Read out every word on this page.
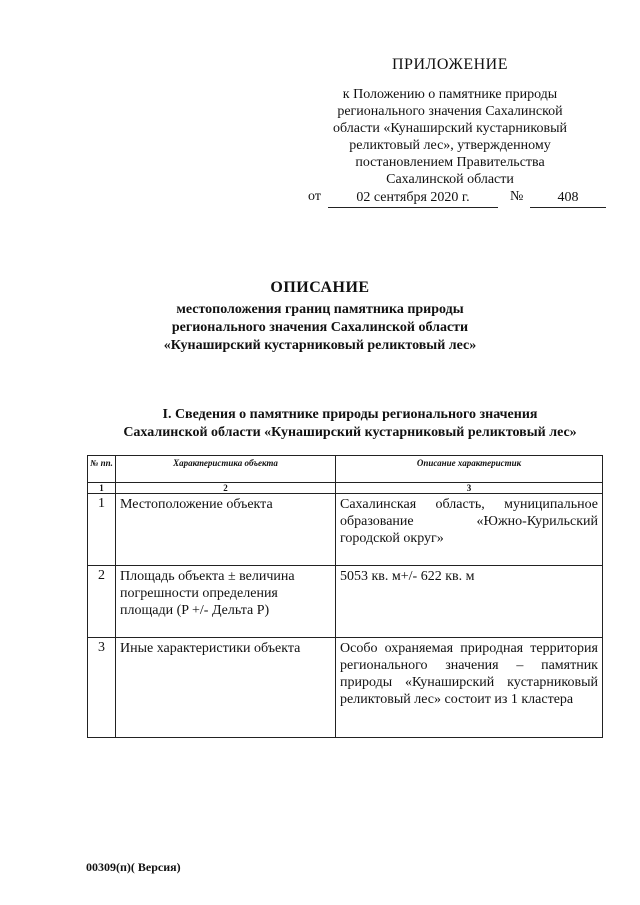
ПРИЛОЖЕНИЕ
к Положению о памятнике природы
регионального значения Сахалинской
области «Кунаширский кустарниковый
реликтовый лес», утвержденному
постановлением Правительства
Сахалинской области
от	02 сентября 2020 г.	№	408
ОПИСАНИЕ
местоположения границ памятника природы
регионального значения Сахалинской области
«Кунаширский кустарниковый реликтовый лес»
I. Сведения о памятнике природы регионального значения
Сахалинской области «Кунаширский кустарниковый реликтовый лес»
№ пп.	Характеристика объекта	Описание характеристик
1	2	3
1	Местоположение объекта	Сахалинская область, муниципальное образование «Южно-Курильский городской округ»
2	Площадь объекта ± величина погрешности определения площади (P +/- Дельта P)	5053 кв. м+/- 622 кв. м
3	Иные характеристики объекта	Особо охраняемая природная территория регионального значения – памятник природы «Кунаширский кустарниковый реликтовый лес» состоит из 1 кластера
00309(п)( Версия)
